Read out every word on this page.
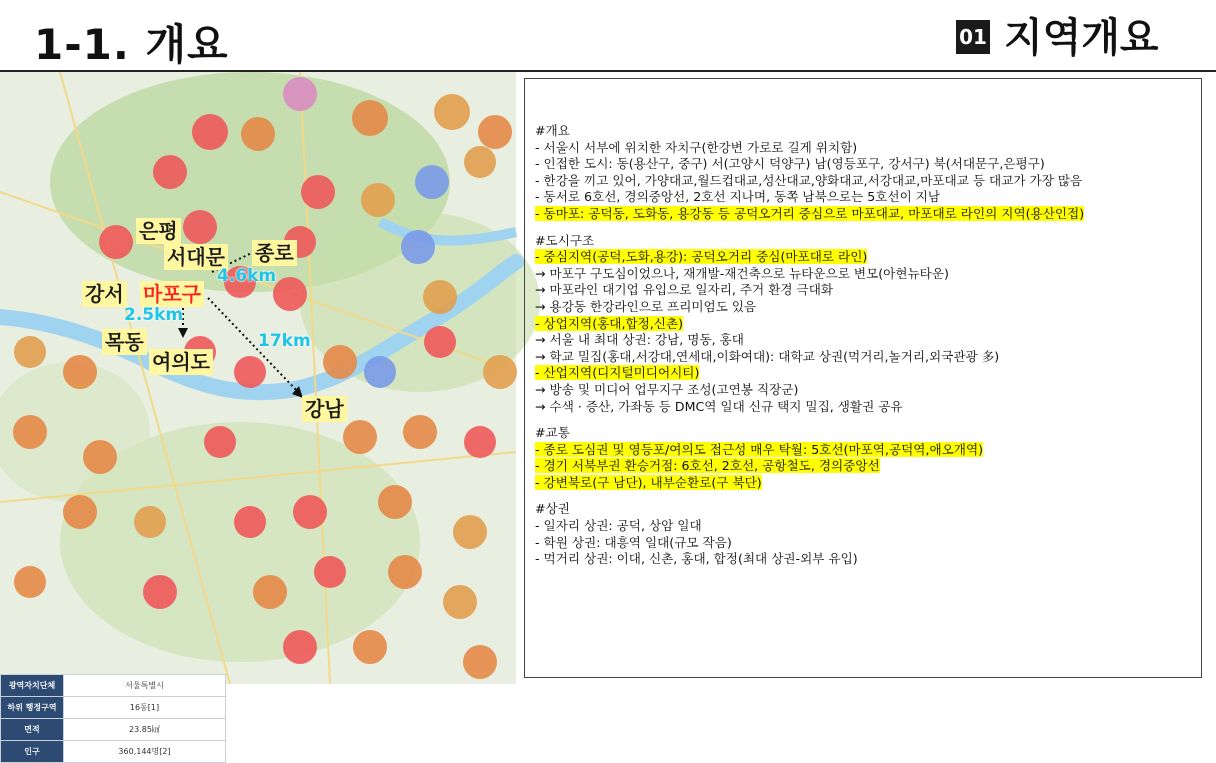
1-1. 개요	01 지역개요
은평
서대문 종로
강서 마포구
목동
여의도
강남
4.6km
2.5km
17km
광역자치단체	서울특별시
하위 행정구역	16동[1]
면적	23.85㎢
인구	360,144명[2]
#개요
- 서울시 서부에 위치한 자치구(한강변 가로로 길게 위치함)
- 인접한 도시: 동(용산구, 중구) 서(고양시 덕양구) 남(영등포구, 강서구) 북(서대문구,은평구)
- 한강을 끼고 있어, 가양대교,월드컵대교,성산대교,양화대교,서강대교,마포대교 등 대교가 가장 많음
- 동서로 6호선, 경의중앙선, 2호선 지나며, 동쪽 남북으로는 5호선이 지남
- 동마포: 공덕동, 도화동, 용강동 등 공덕오거리 중심으로 마포대교, 마포대로 라인의 지역(용산인접)
#도시구조
- 중심지역(공덕,도화,용강): 공덕오거리 중심(마포대로 라인)
→ 마포구 구도심이었으나, 재개발-재건축으로 뉴타운으로 변모(아현뉴타운)
→ 마포라인 대기업 유입으로 일자리, 주거 환경 극대화
→ 용강동 한강라인으로 프리미엄도 있음
- 상업지역(홍대,합정,신촌)
→ 서울 내 최대 상권: 강남, 명동, 홍대
→ 학교 밀집(홍대,서강대,연세대,이화여대): 대학교 상권(먹거리,놀거리,외국관광 多)
- 산업지역(디지털미디어시티)
→ 방송 및 미디어 업무지구 조성(고연봉 직장군)
→ 수색 · 증산, 가좌동 등 DMC역 일대 신규 택지 밀집, 생활권 공유
#교통
- 종로 도심권 및 영등포/여의도 접근성 매우 탁월: 5호선(마포역,공덕역,애오개역)
- 경기 서북부권 환승거점: 6호선, 2호선, 공항철도, 경의중앙선
- 강변북로(구 남단), 내부순환로(구 북단)
#상권
- 일자리 상권: 공덕, 상암 일대
- 학원 상권: 대흥역 일대(규모 작음)
- 먹거리 상권: 이대, 신촌, 홍대, 합정(최대 상권-외부 유입)
